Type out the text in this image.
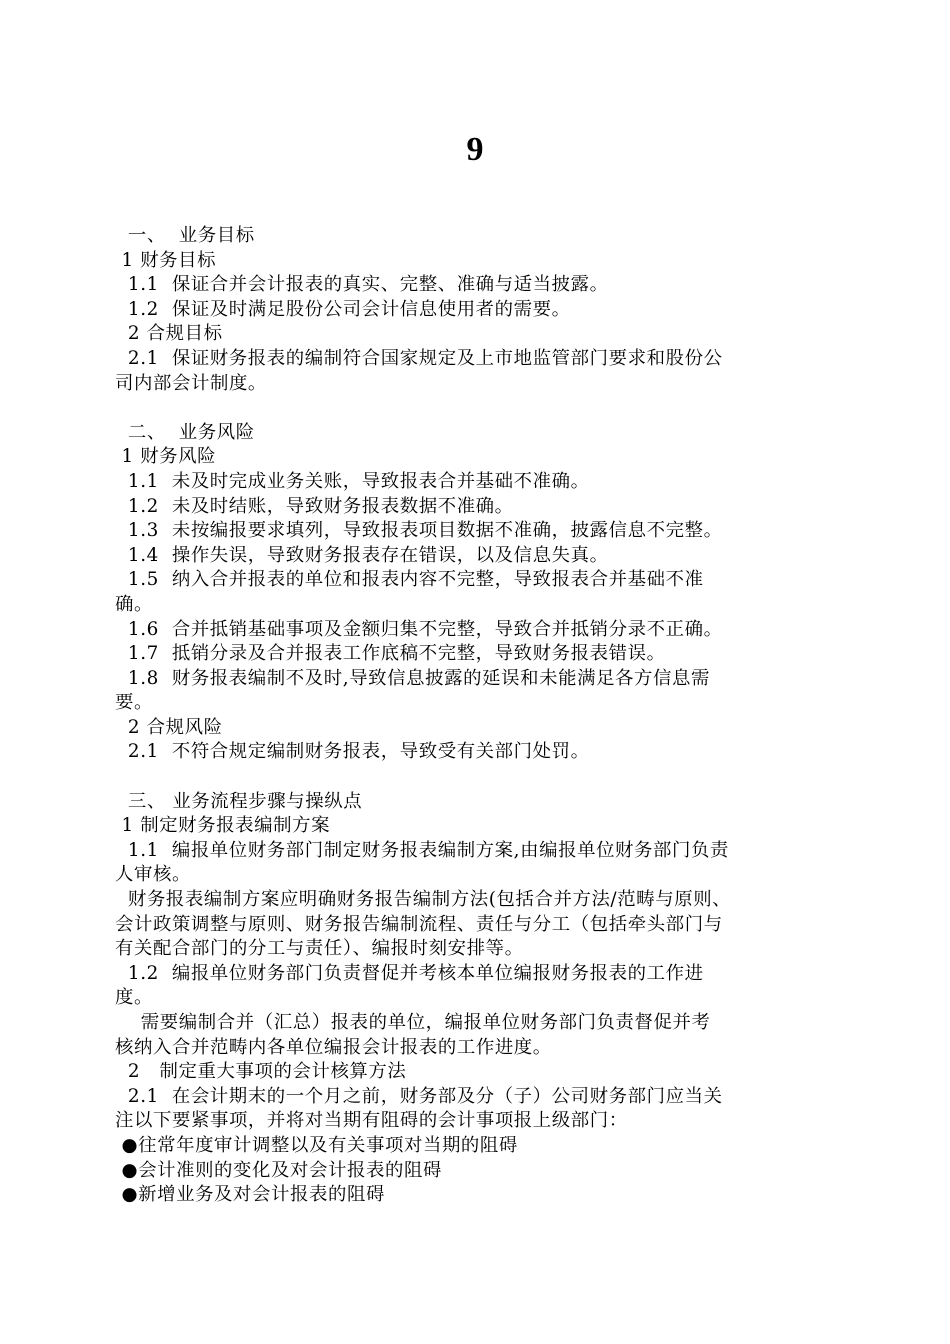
9
一、  业务目标
1 财务目标
1.1  保证合并会计报表的真实、完整、准确与适当披露。
1.2  保证及时满足股份公司会计信息使用者的需要。
2 合规目标
2.1  保证财务报表的编制符合国家规定及上市地监管部门要求和股份公
司内部会计制度。
二、  业务风险
1 财务风险
1.1  未及时完成业务关账，导致报表合并基础不准确。
1.2  未及时结账，导致财务报表数据不准确。
1.3  未按编报要求填列，导致报表项目数据不准确，披露信息不完整。
1.4  操作失误，导致财务报表存在错误，以及信息失真。
1.5  纳入合并报表的单位和报表内容不完整，导致报表合并基础不准
确。
1.6  合并抵销基础事项及金额归集不完整，导致合并抵销分录不正确。
1.7  抵销分录及合并报表工作底稿不完整，导致财务报表错误。
1.8  财务报表编制不及时,导致信息披露的延误和未能满足各方信息需
要。
2 合规风险
2.1  不符合规定编制财务报表，导致受有关部门处罚。
三、 业务流程步骤与操纵点
1 制定财务报表编制方案
1.1  编报单位财务部门制定财务报表编制方案,由编报单位财务部门负责
人审核。
财务报表编制方案应明确财务报告编制方法(包括合并方法/范畴与原则、
会计政策调整与原则、财务报告编制流程、责任与分工（包括牵头部门与
有关配合部门的分工与责任）、编报时刻安排等。
1.2  编报单位财务部门负责督促并考核本单位编报财务报表的工作进
度。
需要编制合并（汇总）报表的单位，编报单位财务部门负责督促并考
核纳入合并范畴内各单位编报会计报表的工作进度。
2   制定重大事项的会计核算方法
2.1  在会计期末的一个月之前，财务部及分（子）公司财务部门应当关
注以下要紧事项，并将对当期有阻碍的会计事项报上级部门：
●往常年度审计调整以及有关事项对当期的阻碍
●会计准则的变化及对会计报表的阻碍
●新增业务及对会计报表的阻碍
